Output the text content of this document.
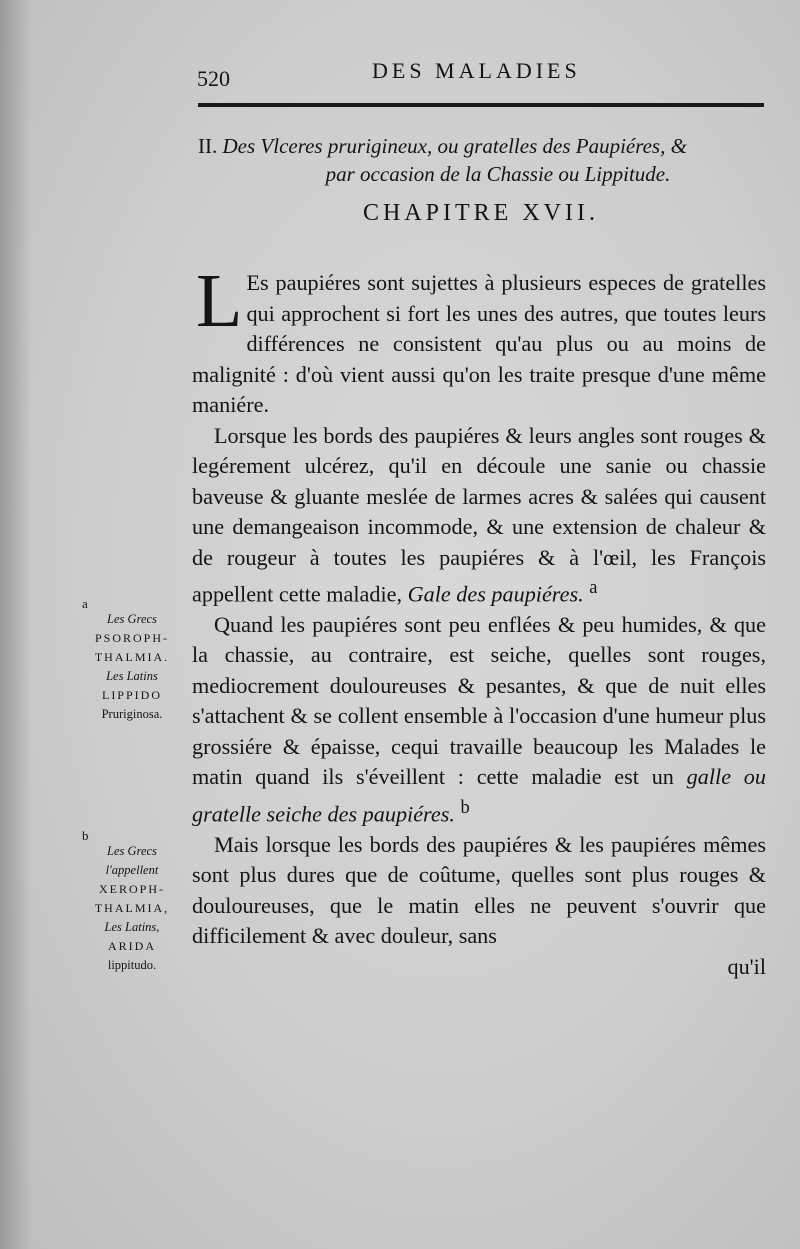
520	DES MALADIES
II. Des Vlceres prurigineux, ou gratelles des Paupiéres, &
par occasion de la Chassie ou Lippitude.
CHAPITRE XVII.

L Es paupiéres sont sujettes à plusieurs especes de gratelles qui approchent si fort les unes des autres, que toutes leurs différences ne consistent qu'au plus ou au moins de malignité : d'où vient aussi qu'on les traite presque d'une même maniére.

Lorsque les bords des paupiéres & leurs angles sont rouges & legérement ulcérez, qu'il en découle une sanie ou chassie baveuse & gluante meslée de larmes acres & salées qui causent une demangeaison incommode, & une extension de chaleur & de rougeur à toutes les paupiéres & à l'œil, les François appellent cette maladie, Gale des paupiéres. $^a$

Quand les paupiéres sont peu enflées & peu humides, & que la chassie, au contraire, est seiche, quelles sont rouges, mediocrement douloureuses & pesantes, & que de nuit elles s'attachent & se collent ensemble à l'occasion d'une humeur plus grossiére & épaisse, cequi travaille beaucoup les Malades le matin quand ils s'éveillent : cette maladie est un galle ou gratelle seiche des paupiéres. $^b$

Mais lorsque les bords des paupiéres & les paupiéres mêmes sont plus dures que de coûtume, quelles sont plus rouges & douloureuses, que le matin elles ne peuvent s'ouvrir que difficilement & avec douleur, sans
qu'il

a
Les Grecs
PSOROPH-
THALMIA.
Les Latins
LIPPIDO
Pruriginosa.
b
Les Grecs
l'appellent
XEROPH-
THALMIA,
Les Latins,
ARIDA
lippitudo.
